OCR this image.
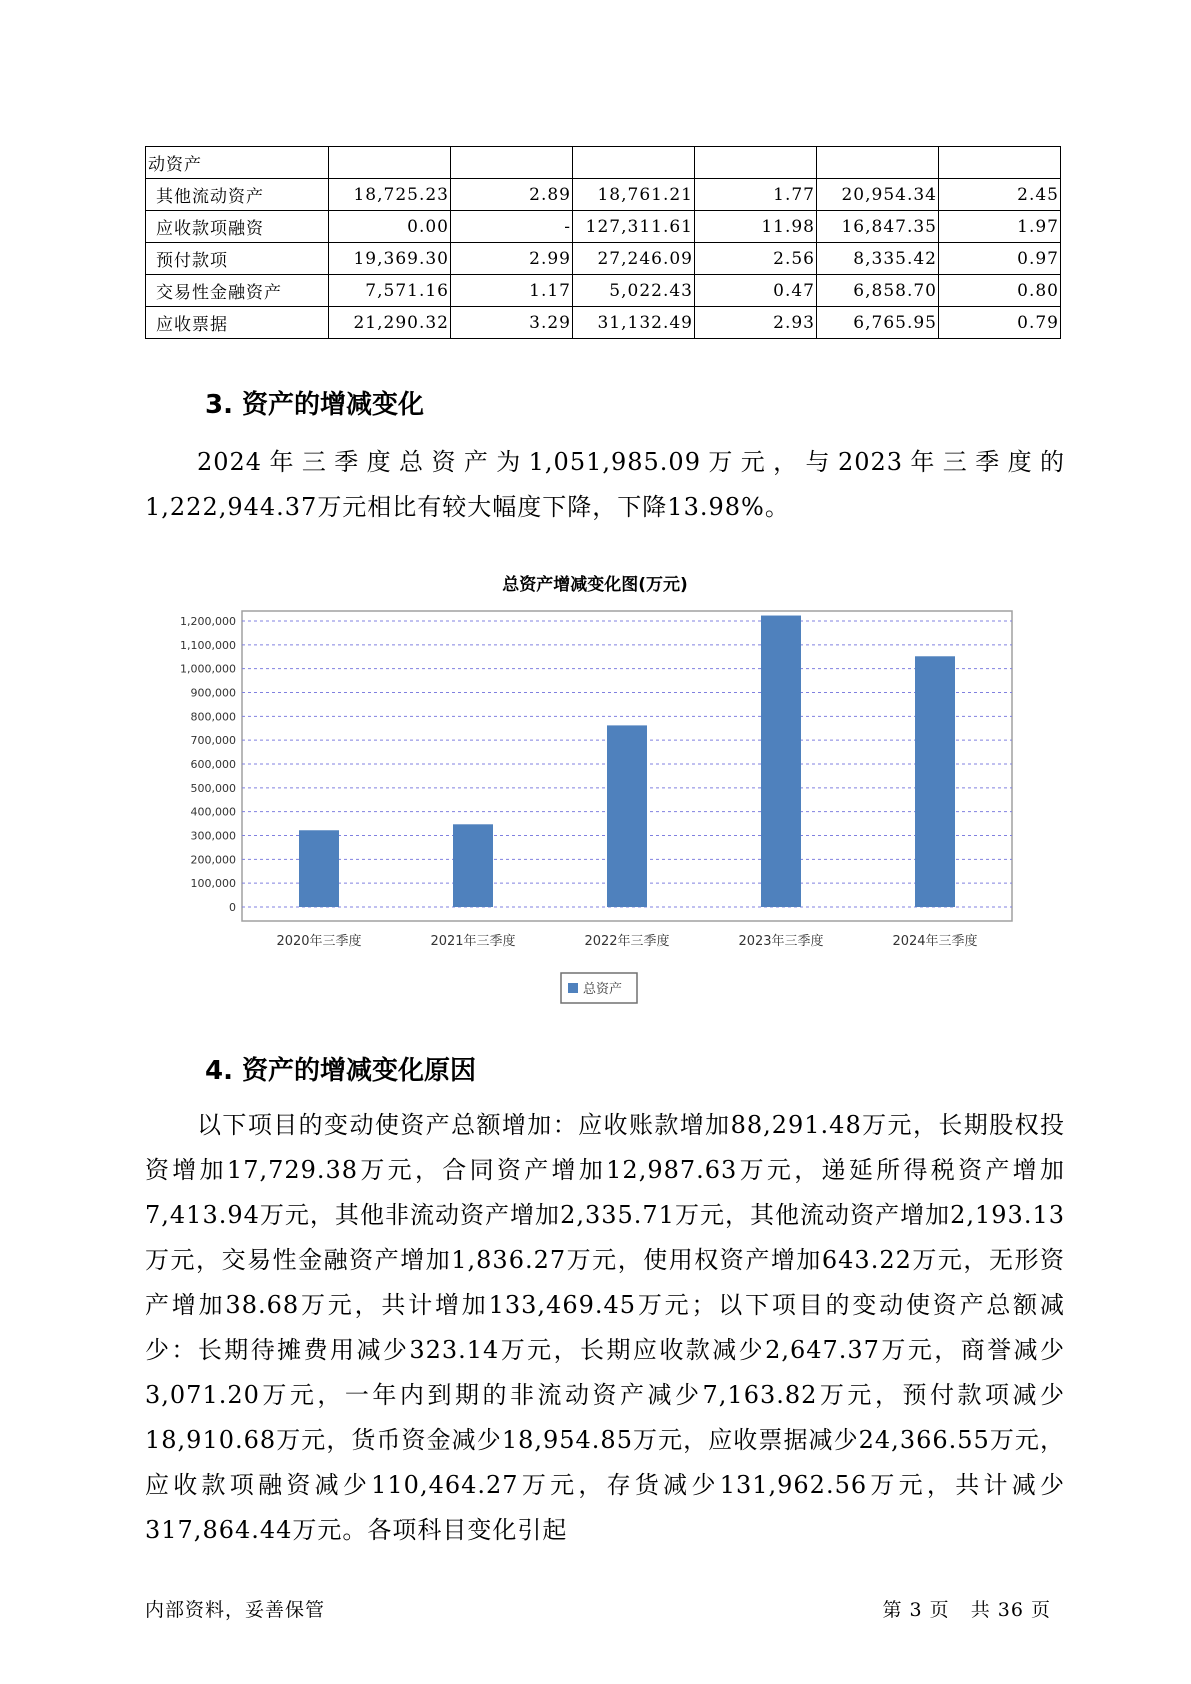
动资产						
其他流动资产	18,725.23	2.89	18,761.21	1.77	20,954.34	2.45
应收款项融资	0.00	-	127,311.61	11.98	16,847.35	1.97
预付款项	19,369.30	2.99	27,246.09	2.56	8,335.42	0.97
交易性金融资产	7,571.16	1.17	5,022.43	0.47	6,858.70	0.80
应收票据	21,290.32	3.29	31,132.49	2.93	6,765.95	0.79
3. 资产的增减变化

2024年三季度总资产为1,051,985.09万元，与2023年三季度的1,222,944.37万元相比有较大幅度下降，下降13.98%。

总资产增减变化图(万元)
0
100,000
200,000
300,000
400,000
500,000
600,000
700,000
800,000
900,000
1,000,000
1,100,000
1,200,000
2020年三季度	2021年三季度	2022年三季度	2023年三季度	2024年三季度
总资产
4. 资产的增减变化原因

以下项目的变动使资产总额增加：应收账款增加88,291.48万元，长期股权投资增加17,729.38万元，合同资产增加12,987.63万元，递延所得税资产增加7,413.94万元，其他非流动资产增加2,335.71万元，其他流动资产增加2,193.13万元，交易性金融资产增加1,836.27万元，使用权资产增加643.22万元，无形资产增加38.68万元，共计增加133,469.45万元；以下项目的变动使资产总额减少：长期待摊费用减少323.14万元，长期应收款减少2,647.37万元，商誉减少3,071.20万元，一年内到期的非流动资产减少7,163.82万元，预付款项减少18,910.68万元，货币资金减少18,954.85万元，应收票据减少24,366.55万元，应收款项融资减少110,464.27万元，存货减少131,962.56万元，共计减少317,864.44万元。各项科目变化引起

内部资料，妥善保管	第 3 页   共 36 页
